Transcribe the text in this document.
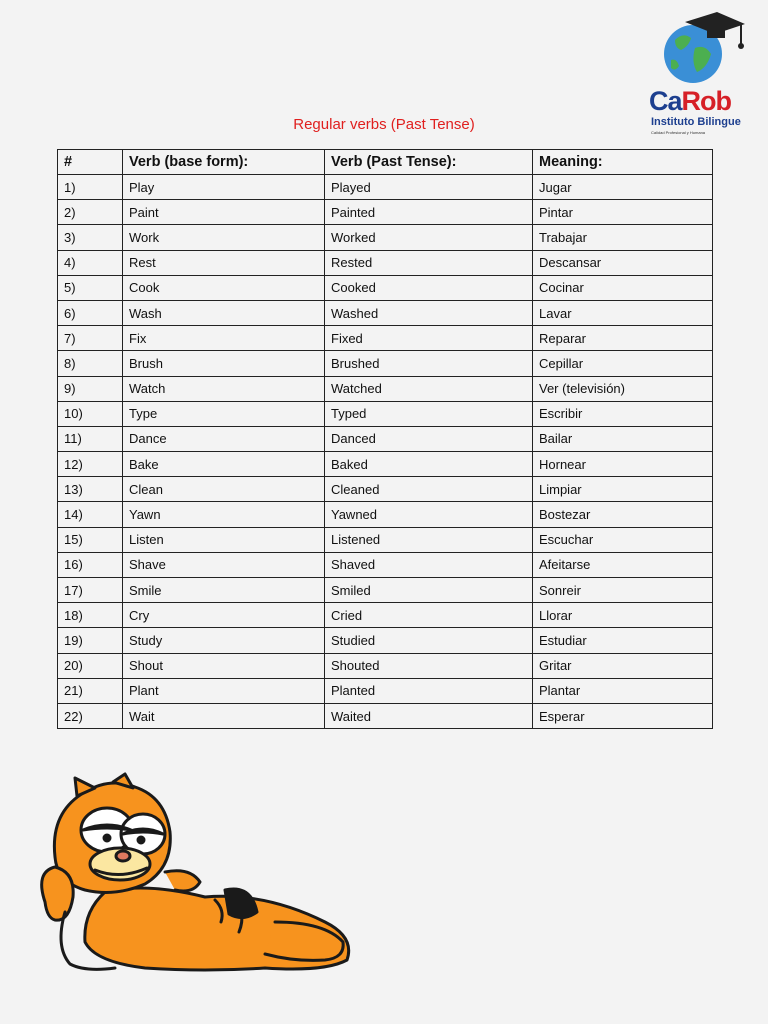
CaRob
Instituto Bilingue
Calidad Profesional y Humana
Regular verbs (Past Tense)
#	Verb (base form):	Verb (Past Tense):	Meaning:
1)	Play	Played	Jugar
2)	Paint	Painted	Pintar
3)	Work	Worked	Trabajar
4)	Rest	Rested	Descansar
5)	Cook	Cooked	Cocinar
6)	Wash	Washed	Lavar
7)	Fix	Fixed	Reparar
8)	Brush	Brushed	Cepillar
9)	Watch	Watched	Ver (televisión)
10)	Type	Typed	Escribir
11)	Dance	Danced	Bailar
12)	Bake	Baked	Hornear
13)	Clean	Cleaned	Limpiar
14)	Yawn	Yawned	Bostezar
15)	Listen	Listened	Escuchar
16)	Shave	Shaved	Afeitarse
17)	Smile	Smiled	Sonreir
18)	Cry	Cried	Llorar
19)	Study	Studied	Estudiar
20)	Shout	Shouted	Gritar
21)	Plant	Planted	Plantar
22)	Wait	Waited	Esperar
